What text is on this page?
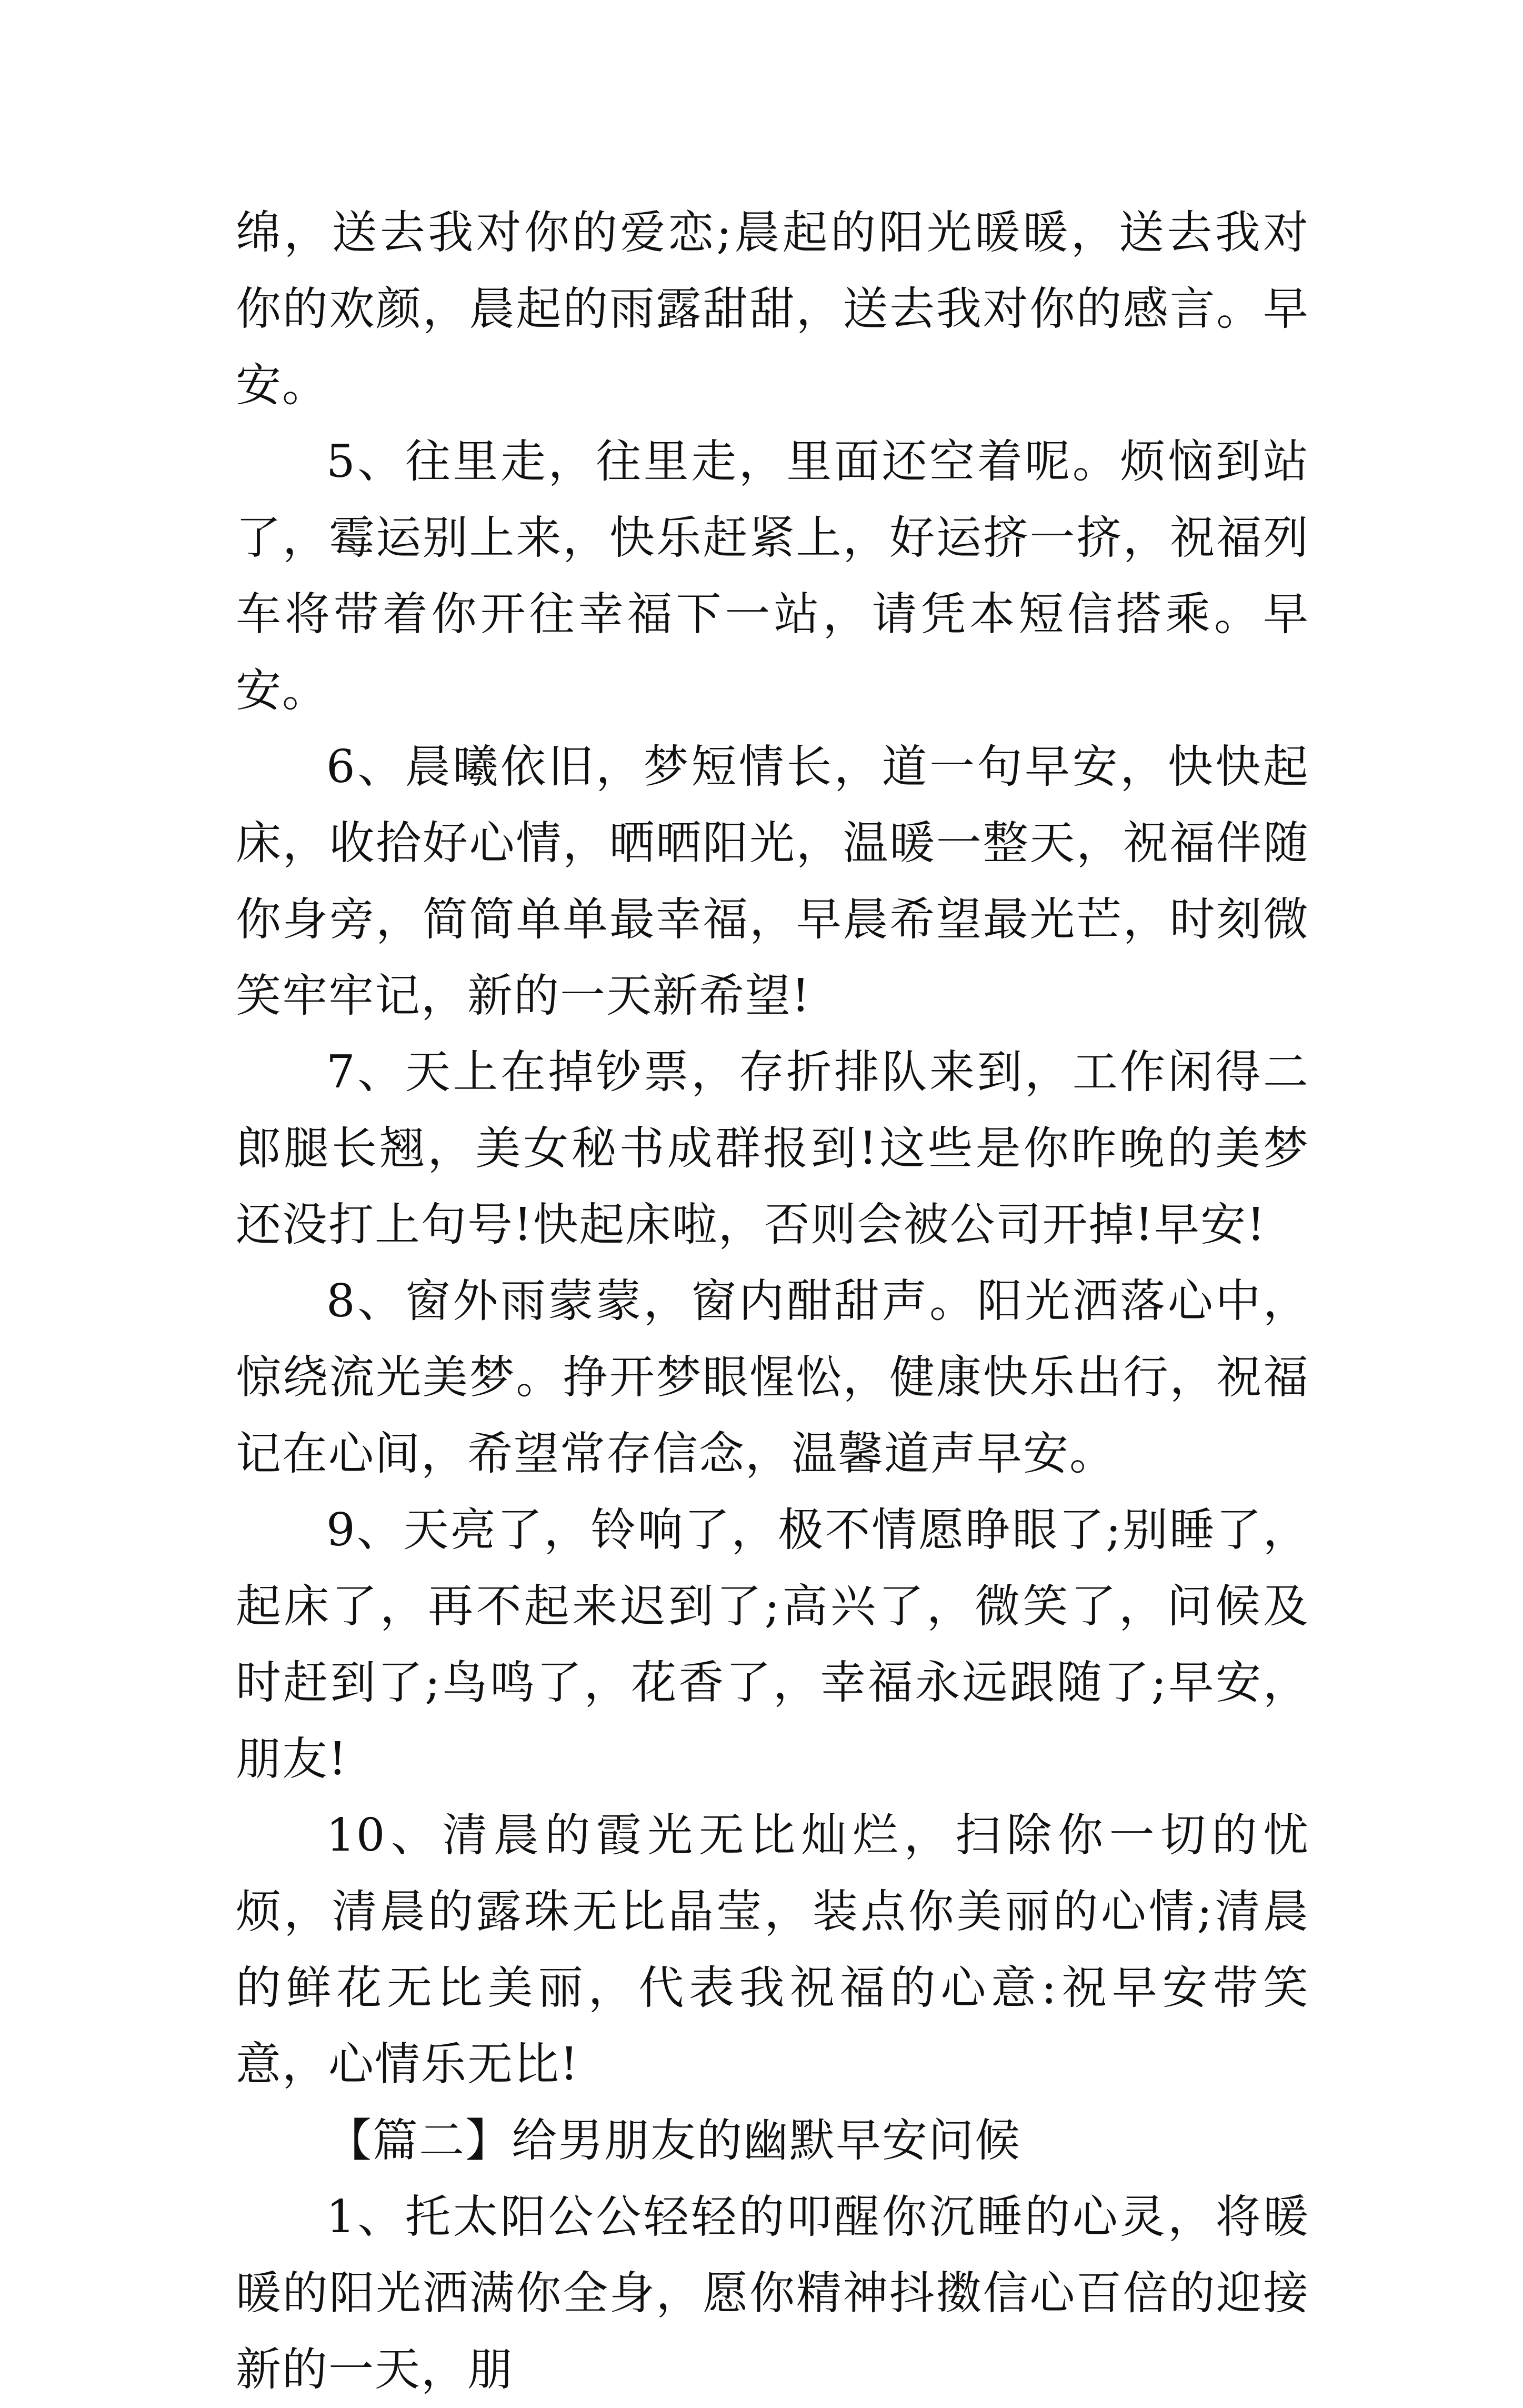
绵，送去我对你的爱恋;晨起的阳光暖暖，送去我对你的欢颜，晨起的雨露甜甜，送去我对你的感言。早安。

5、往里走，往里走，里面还空着呢。烦恼到站了，霉运别上来，快乐赶紧上，好运挤一挤，祝福列车将带着你开往幸福下一站，请凭本短信搭乘。早安。

6、晨曦依旧，梦短情长，道一句早安，快快起床，收拾好心情，晒晒阳光，温暖一整天，祝福伴随你身旁，简简单单最幸福，早晨希望最光芒，时刻微笑牢牢记，新的一天新希望!

7、天上在掉钞票，存折排队来到，工作闲得二郎腿长翘，美女秘书成群报到!这些是你昨晚的美梦还没打上句号!快起床啦，否则会被公司开掉!早安!

8、窗外雨蒙蒙，窗内酣甜声。阳光洒落心中，惊绕流光美梦。挣开梦眼惺忪，健康快乐出行，祝福记在心间，希望常存信念，温馨道声早安。

9、天亮了，铃响了，极不情愿睁眼了;别睡了，起床了，再不起来迟到了;高兴了，微笑了，问候及时赶到了;鸟鸣了，花香了，幸福永远跟随了;早安，朋友!

10、清晨的霞光无比灿烂，扫除你一切的忧烦，清晨的露珠无比晶莹，装点你美丽的心情;清晨的鲜花无比美丽，代表我祝福的心意:祝早安带笑意，心情乐无比!

【篇二】给男朋友的幽默早安问候

1、托太阳公公轻轻的叩醒你沉睡的心灵，将暖暖的阳光洒满你全身，愿你精神抖擞信心百倍的迎接新的一天，朋
